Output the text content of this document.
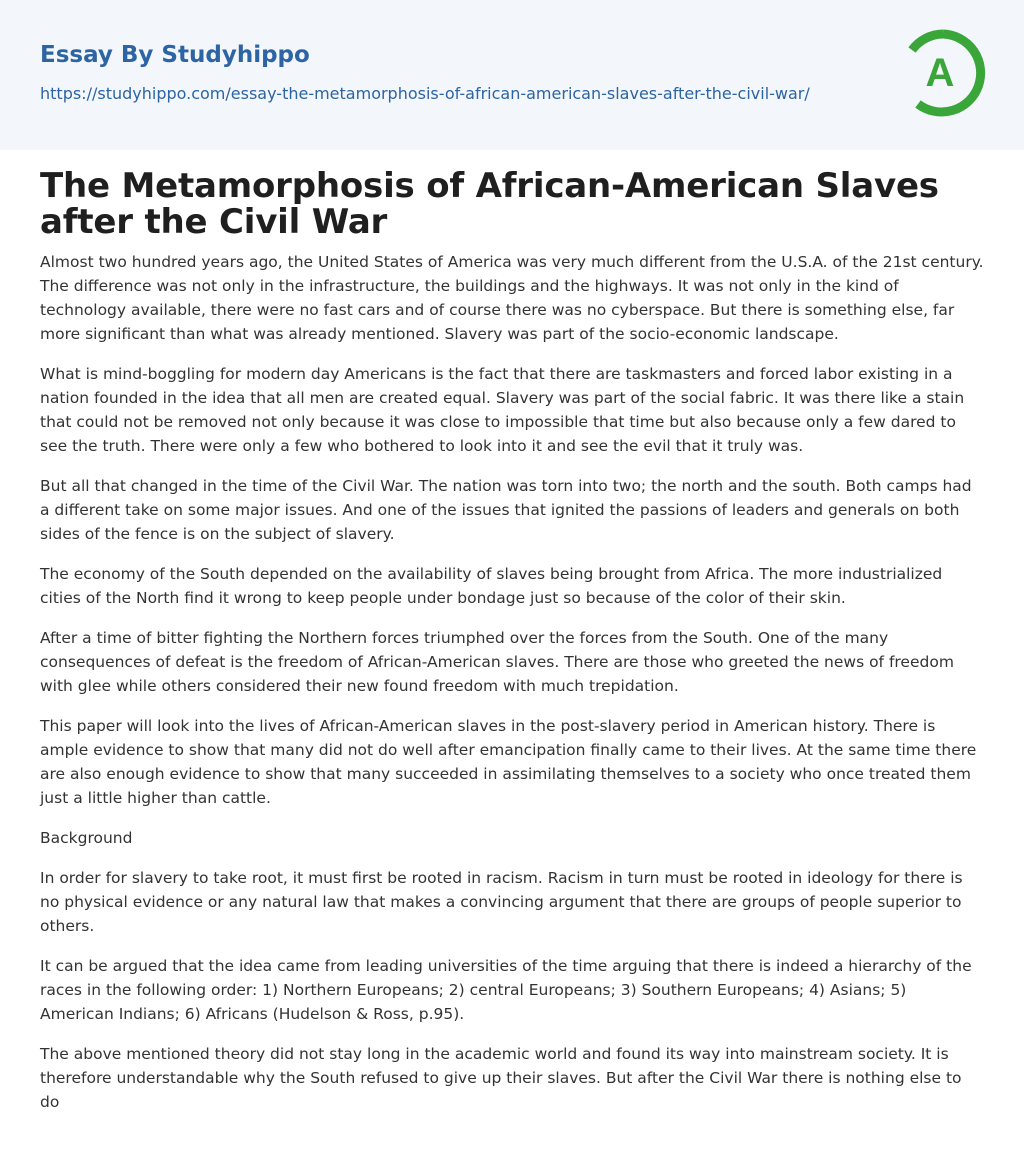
Essay By Studyhippo
https://studyhippo.com/essay-the-metamorphosis-of-african-american-slaves-after-the-civil-war/	A
The Metamorphosis of African-American Slaves after the Civil War

Almost two hundred years ago, the United States of America was very much different from the U.S.A. of the 21st century. The difference was not only in the infrastructure, the buildings and the highways. It was not only in the kind of technology available, there were no fast cars and of course there was no cyberspace. But there is something else, far more significant than what was already mentioned. Slavery was part of the socio-economic landscape.

What is mind-boggling for modern day Americans is the fact that there are taskmasters and forced labor existing in a nation founded in the idea that all men are created equal. Slavery was part of the social fabric. It was there like a stain that could not be removed not only because it was close to impossible that time but also because only a few dared to see the truth. There were only a few who bothered to look into it and see the evil that it truly was.

But all that changed in the time of the Civil War. The nation was torn into two; the north and the south. Both camps had a different take on some major issues. And one of the issues that ignited the passions of leaders and generals on both sides of the fence is on the subject of slavery.

The economy of the South depended on the availability of slaves being brought from Africa. The more industrialized cities of the North find it wrong to keep people under bondage just so because of the color of their skin.

After a time of bitter fighting the Northern forces triumphed over the forces from the South. One of the many consequences of defeat is the freedom of African-American slaves. There are those who greeted the news of freedom with glee while others considered their new found freedom with much trepidation.

This paper will look into the lives of African-American slaves in the post-slavery period in American history. There is ample evidence to show that many did not do well after emancipation finally came to their lives. At the same time there are also enough evidence to show that many succeeded in assimilating themselves to a society who once treated them just a little higher than cattle.

Background

In order for slavery to take root, it must first be rooted in racism. Racism in turn must be rooted in ideology for there is no physical evidence or any natural law that makes a convincing argument that there are groups of people superior to others.

It can be argued that the idea came from leading universities of the time arguing that there is indeed a hierarchy of the races in the following order: 1) Northern Europeans; 2) central Europeans; 3) Southern Europeans; 4) Asians; 5) American Indians; 6) Africans (Hudelson & Ross, p.95).

The above mentioned theory did not stay long in the academic world and found its way into mainstream society. It is therefore understandable why the South refused to give up their slaves. But after the Civil War there is nothing else to do
